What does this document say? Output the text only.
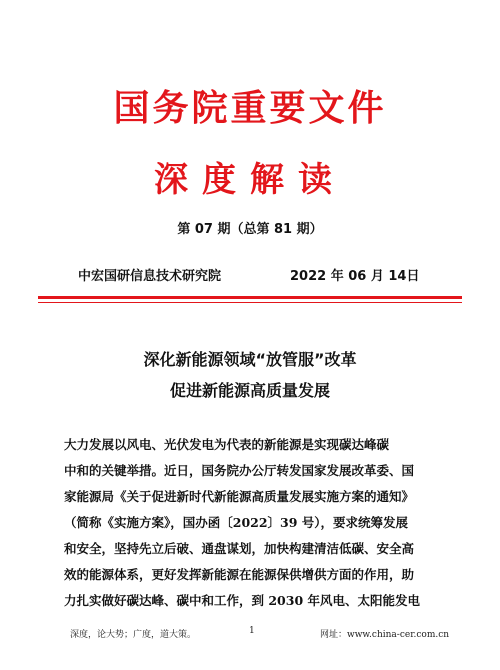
国务院重要文件
深度解读
第 07 期（总第 81 期）
中宏国研信息技术研究院	2022 年 06 月 14日
深化新能源领域“放管服”改革
促进新能源高质量发展

大力发展以风电、光伏发电为代表的新能源是实现碳达峰碳

中和的关键举措。近日，国务院办公厅转发国家发展改革委、国

家能源局《关于促进新时代新能源高质量发展实施方案的通知》

（简称《实施方案》，国办函〔2022〕39 号），要求统筹发展

和安全，坚持先立后破、通盘谋划，加快构建清洁低碳、安全高

效的能源体系，更好发挥新能源在能源保供增供方面的作用，助

力扎实做好碳达峰、碳中和工作，到 2030 年风电、太阳能发电

深度，论大势；广度，道大策。	1	网址：www.china-cer.com.cn
